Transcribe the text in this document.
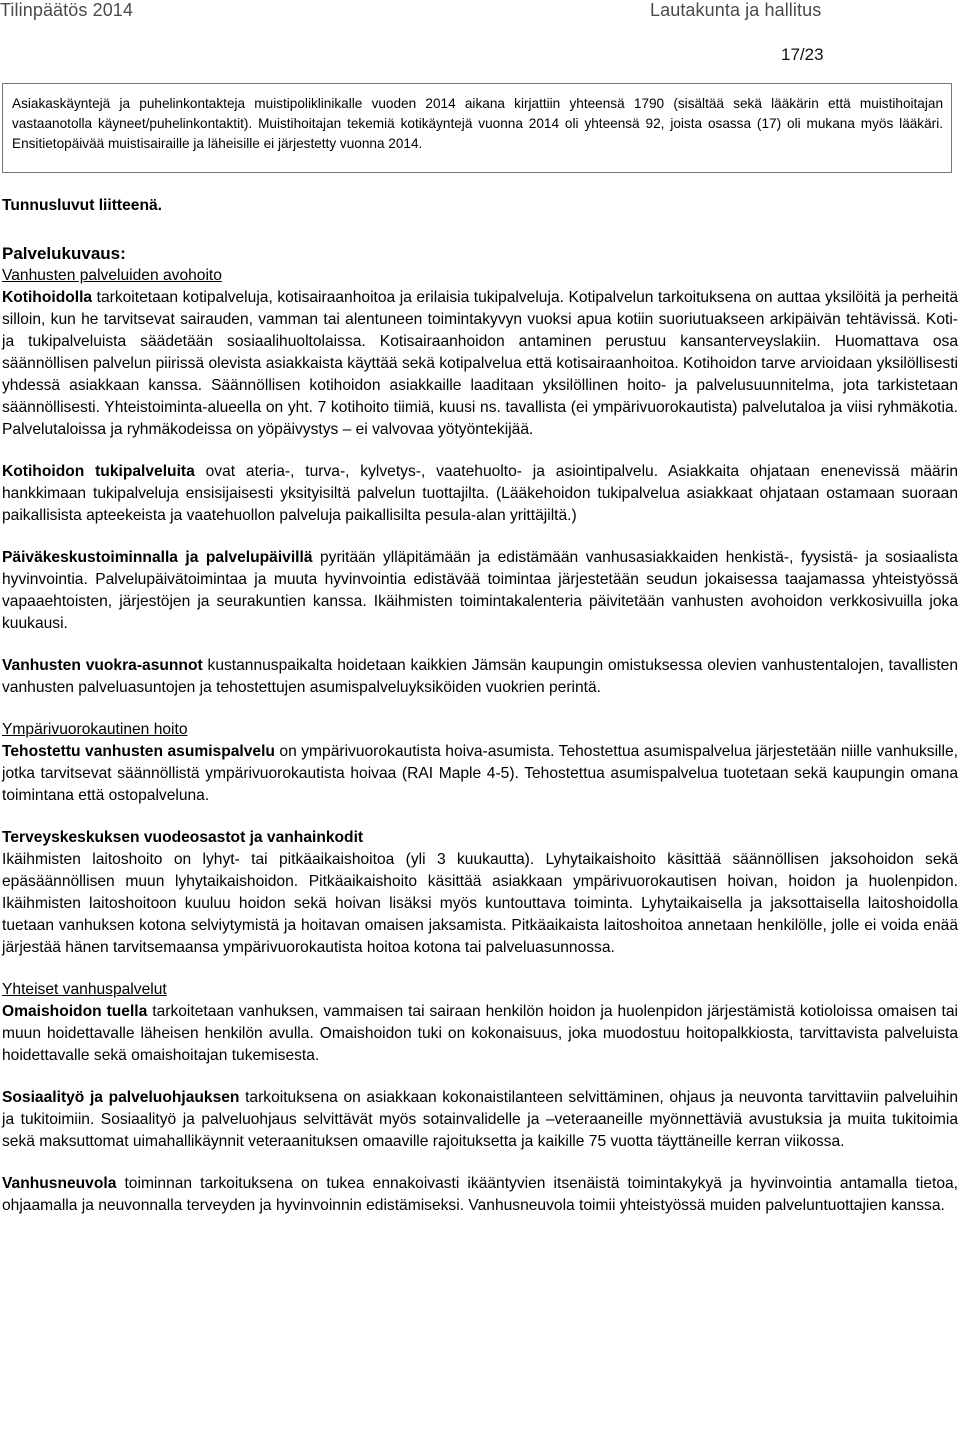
Tilinpäätös 2014	Lautakunta ja hallitus
17/23

Asiakaskäyntejä ja puhelinkontakteja muistipoliklinikalle vuoden 2014 aikana kirjattiin yhteensä 1790 (sisältää sekä lääkärin että muistihoitajan vastaanotolla käyneet/puhelinkontaktit). Muistihoitajan tekemiä kotikäyntejä vuonna 2014 oli yhteensä 92, joista osassa (17) oli mukana myös lääkäri. Ensitietopäivää muistisairaille ja läheisille ei järjestetty vuonna 2014.

Tunnusluvut liitteenä.

Palvelukuvaus:

Vanhusten palveluiden avohoito

Kotihoidolla tarkoitetaan kotipalveluja, kotisairaanhoitoa ja erilaisia tukipalveluja. Kotipalvelun tarkoituksena on auttaa yksilöitä ja perheitä silloin, kun he tarvitsevat sairauden, vamman tai alentuneen toimintakyvyn vuoksi apua kotiin suoriutuakseen arkipäivän tehtävissä. Koti- ja tukipalveluista säädetään sosiaalihuoltolaissa. Kotisairaanhoidon antaminen perustuu kansanterveyslakiin. Huomattava osa säännöllisen palvelun piirissä olevista asiakkaista käyttää sekä kotipalvelua että kotisairaanhoitoa. Kotihoidon tarve arvioidaan yksilöllisesti yhdessä asiakkaan kanssa. Säännöllisen kotihoidon asiakkaille laaditaan yksilöllinen hoito- ja palvelusuunnitelma, jota tarkistetaan säännöllisesti. Yhteistoiminta-alueella on yht. 7 kotihoito tiimiä, kuusi ns. tavallista (ei ympärivuorokautista) palvelutaloa ja viisi ryhmäkotia. Palvelutaloissa ja ryhmäkodeissa on yöpäivystys – ei valvovaa yötyöntekijää.

Kotihoidon tukipalveluita ovat ateria-, turva-, kylvetys-, vaatehuolto- ja asiointipalvelu. Asiakkaita ohjataan enenevissä määrin hankkimaan tukipalveluja ensisijaisesti yksityisiltä palvelun tuottajilta. (Lääkehoidon tukipalvelua asiakkaat ohjataan ostamaan suoraan paikallisista apteekeista ja vaatehuollon palveluja paikallisilta pesula-alan yrittäjiltä.)

Päiväkeskustoiminnalla ja palvelupäivillä pyritään ylläpitämään ja edistämään vanhusasiakkaiden henkistä-, fyysistä- ja sosiaalista hyvinvointia. Palvelupäivätoimintaa ja muuta hyvinvointia edistävää toimintaa järjestetään seudun jokaisessa taajamassa yhteistyössä vapaaehtoisten, järjestöjen ja seurakuntien kanssa. Ikäihmisten toimintakalenteria päivitetään vanhusten avohoidon verkkosivuilla joka kuukausi.

Vanhusten vuokra-asunnot kustannuspaikalta hoidetaan kaikkien Jämsän kaupungin omistuksessa olevien vanhustentalojen, tavallisten vanhusten palveluasuntojen ja tehostettujen asumispalveluyksiköiden vuokrien perintä.

Ympärivuorokautinen hoito

Tehostettu vanhusten asumispalvelu on ympärivuorokautista hoiva-asumista. Tehostettua asumispalvelua järjestetään niille vanhuksille, jotka tarvitsevat säännöllistä ympärivuorokautista hoivaa (RAI Maple 4-5). Tehostettua asumispalvelua tuotetaan sekä kaupungin omana toimintana että ostopalveluna.

Terveyskeskuksen vuodeosastot ja vanhainkodit

Ikäihmisten laitoshoito on lyhyt- tai pitkäaikaishoitoa (yli 3 kuukautta). Lyhytaikaishoito käsittää säännöllisen jaksohoidon sekä epäsäännöllisen muun lyhytaikaishoidon. Pitkäaikaishoito käsittää asiakkaan ympärivuorokautisen hoivan, hoidon ja huolenpidon. Ikäihmisten laitoshoitoon kuuluu hoidon sekä hoivan lisäksi myös kuntouttava toiminta. Lyhytaikaisella ja jaksottaisella laitoshoidolla tuetaan vanhuksen kotona selviytymistä ja hoitavan omaisen jaksamista. Pitkäaikaista laitoshoitoa annetaan henkilölle, jolle ei voida enää järjestää hänen tarvitsemaansa ympärivuorokautista hoitoa kotona tai palveluasunnossa.

Yhteiset vanhuspalvelut

Omaishoidon tuella tarkoitetaan vanhuksen, vammaisen tai sairaan henkilön hoidon ja huolenpidon järjestämistä kotioloissa omaisen tai muun hoidettavalle läheisen henkilön avulla. Omaishoidon tuki on kokonaisuus, joka muodostuu hoitopalkkiosta, tarvittavista palveluista hoidettavalle sekä omaishoitajan tukemisesta.

Sosiaalityö ja palveluohjauksen tarkoituksena on asiakkaan kokonaistilanteen selvittäminen, ohjaus ja neuvonta tarvittaviin palveluihin ja tukitoimiin. Sosiaalityö ja palveluohjaus selvittävät myös sotainvalidelle ja –veteraaneille myönnettäviä avustuksia ja muita tukitoimia sekä maksuttomat uimahallikäynnit veteraanituksen omaaville rajoituksetta ja kaikille 75 vuotta täyttäneille kerran viikossa.

Vanhusneuvola toiminnan tarkoituksena on tukea ennakoivasti ikääntyvien itsenäistä toimintakykyä ja hyvinvointia antamalla tietoa, ohjaamalla ja neuvonnalla terveyden ja hyvinvoinnin edistämiseksi. Vanhusneuvola toimii yhteistyössä muiden palveluntuottajien kanssa.
